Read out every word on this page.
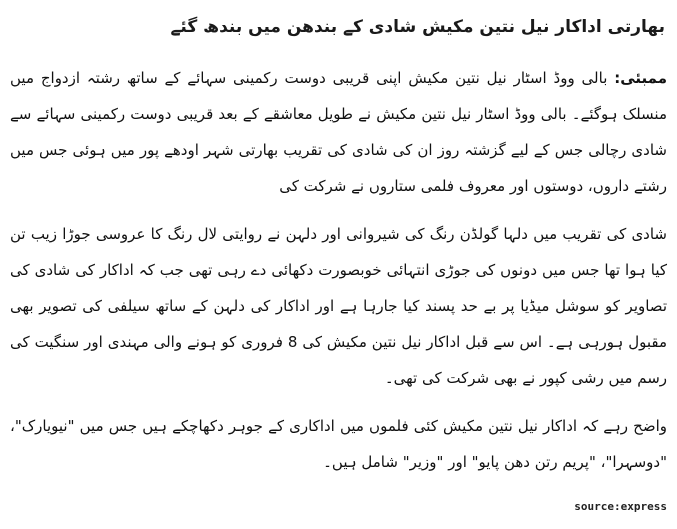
بھارتی اداکار نیل نتین مکیش شادی کے بندھن میں بندھ گئے

ممبئی: بالی ووڈ اسٹار نیل نتین مکیش اپنی قریبی دوست رکمینی سہائے کے ساتھ رشتہ ازدواج میں منسلک ہوگئے۔ بالی ووڈ اسٹار نیل نتین مکیش نے طویل معاشقے کے بعد قریبی دوست رکمینی سہائے سے شادی رچالی جس کے لیے گزشتہ روز ان کی شادی کی تقریب بھارتی شہر اودھے پور میں ہوئی جس میں رشتے داروں، دوستوں اور معروف فلمی ستاروں نے شرکت کی

شادی کی تقریب میں دلہا گولڈن رنگ کی شیروانی اور دلہن نے روایتی لال رنگ کا عروسی جوڑا زیب تن کیا ہوا تھا جس میں دونوں کی جوڑی انتہائی خوبصورت دکھائی دے رہی تھی جب کہ اداکار کی شادی کی تصاویر کو سوشل میڈیا پر بے حد پسند کیا جارہا ہے اور اداکار کی دلہن کے ساتھ سیلفی کی تصویر بھی مقبول ہورہی ہے۔ اس سے قبل اداکار نیل نتین مکیش کی 8 فروری کو ہونے والی مہندی اور سنگیت کی رسم میں رشی کپور نے بھی شرکت کی تھی۔

واضح رہے کہ اداکار نیل نتین مکیش کئی فلموں میں اداکاری کے جوہر دکھاچکے ہیں جس میں "نیویارک"، "دوسہرا"، "پریم رتن دھن پایو" اور "وزیر" شامل ہیں۔

source:express
